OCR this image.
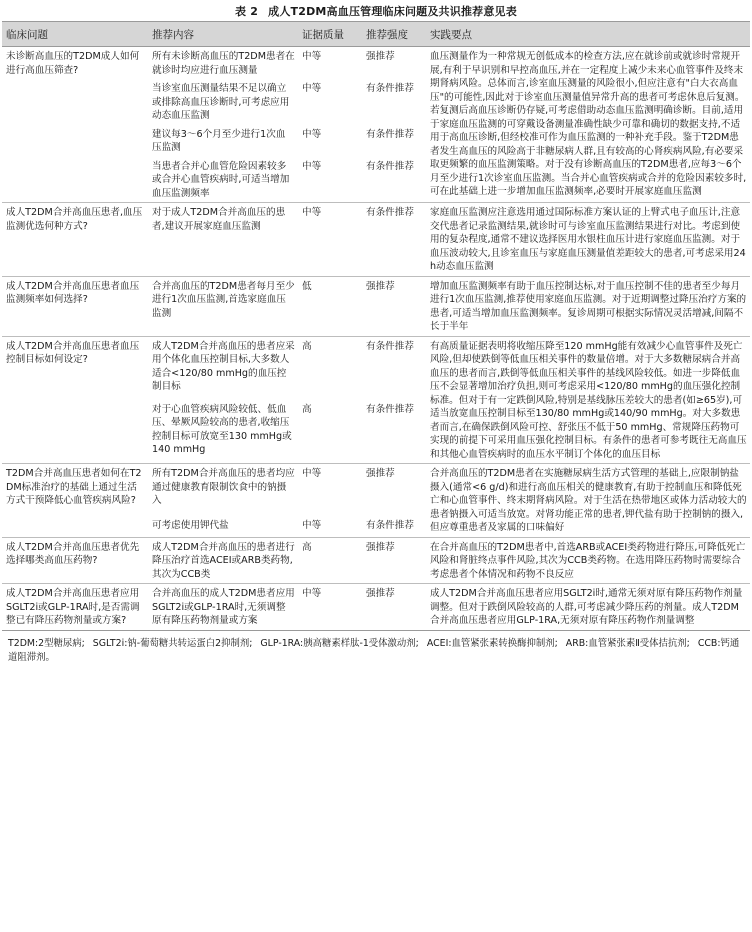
表 2 成人T2DM高血压管理临床问题及共识推荐意见表
临床问题	推荐内容	证据质量	推荐强度	实践要点
未诊断高血压的T2DM成人如何进行高血压筛查?	所有未诊断高血压的T2DM患者在就诊时均应进行血压测量	中等	强推荐	血压测量作为一种常规无创低成本的检查方法,应在就诊前或就诊时常规开展,有利于早识别和早控高血压,并在一定程度上减少未来心血管事件及终末期肾病风险。总体而言,诊室血压测量的风险很小,但应注意有"白大衣高血压"的可能性,因此对于诊室血压测量值异常升高的患者可考虑休息后复测。若复测后高血压诊断仍存疑,可考虑借助动态血压监测明确诊断。目前,适用于家庭血压监测的可穿戴设备测量准确性缺少可靠和确切的数据支持,不适用于高血压诊断,但经校准可作为血压监测的一种补充手段。鉴于T2DM患者发生高血压的风险高于非糖尿病人群,且有较高的心肾疾病风险,有必要采取更频繁的血压监测策略。对于没有诊断高血压的T2DM患者,应每3～6个月至少进行1次诊室血压监测。当合并心血管疾病或合并的危险因素较多时,可在此基础上进一步增加血压监测频率,必要时开展家庭血压监测
	当诊室血压测量结果不足以确立或排除高血压诊断时,可考虑应用动态血压监测	中等	有条件推荐	
	建议每3～6个月至少进行1次血压监测	中等	有条件推荐	
	当患者合并心血管危险因素较多或合并心血管疾病时,可适当增加血压监测频率	中等	有条件推荐	
成人T2DM合并高血压患者,血压监测优选何种方式?	对于成人T2DM合并高血压的患者,建议开展家庭血压监测	中等	有条件推荐	家庭血压监测应注意选用通过国际标准方案认证的上臂式电子血压计,注意交代患者记录监测结果,就诊时可与诊室血压监测结果进行对比。考虑到使用的复杂程度,通常不建议选择医用水银柱血压计进行家庭血压监测。对于血压波动较大,且诊室血压与家庭血压测量值差距较大的患者,可考虑采用24 h动态血压监测
成人T2DM合并高血压患者血压监测频率如何选择?	合并高血压的T2DM患者每月至少进行1次血压监测,首选家庭血压监测	低	强推荐	增加血压监测频率有助于血压控制达标,对于血压控制不佳的患者至少每月进行1次血压监测,推荐使用家庭血压监测。对于近期调整过降压治疗方案的患者,可适当增加血压监测频率。复诊周期可根据实际情况灵活增减,间隔不长于半年
成人T2DM合并高血压患者血压控制目标如何设定?	成人T2DM合并高血压的患者应采用个体化血压控制目标,大多数人适合<120/80 mmHg的血压控制目标	高	有条件推荐	有高质量证据表明将收缩压降至120 mmHg能有效减少心血管事件及死亡风险,但却使跌倒等低血压相关事件的数量倍增。对于大多数糖尿病合并高血压的患者而言,跌倒等低血压相关事件的基线风险较低。如进一步降低血压不会显著增加治疗负担,则可考虑采用<120/80 mmHg的血压强化控制标准。但对于有一定跌倒风险,特别是基线脉压差较大的患者(如≥65岁),可适当放宽血压控制目标至130/80 mmHg或140/90 mmHg。对大多数患者而言,在确保跌倒风险可控、舒张压不低于50 mmHg、常规降压药物可实现的前提下可采用血压强化控制目标。有条件的患者可参考既往无高血压和其他心血管疾病时的血压水平制订个体化的血压目标
	对于心血管疾病风险较低、低血压、晕厥风险较高的患者,收缩压控制目标可放宽至130 mmHg或140 mmHg	高	有条件推荐	
T2DM合并高血压患者如何在T2DM标准治疗的基础上通过生活方式干预降低心血管疾病风险?	所有T2DM合并高血压的患者均应通过健康教育限制饮食中的钠摄入	中等	强推荐	合并高血压的T2DM患者在实施糖尿病生活方式管理的基础上,应限制钠盐摄入(通常<6 g/d)和进行高血压相关的健康教育,有助于控制血压和降低死亡和心血管事件、终末期肾病风险。对于生活在热带地区或体力活动较大的患者钠摄入可适当放宽。对肾功能正常的患者,钾代盐有助于控制钠的摄入,但应尊重患者及家属的口味偏好
	可考虑使用钾代盐	中等	有条件推荐	
成人T2DM合并高血压患者优先选择哪类高血压药物?	成人T2DM合并高血压的患者进行降压治疗首选ACEI或ARB类药物,其次为CCB类	高	强推荐	在合并高血压的T2DM患者中,首选ARB或ACEI类药物进行降压,可降低死亡风险和肾脏终点事件风险,其次为CCB类药物。在选用降压药物时需要综合考虑患者个体情况和药物不良反应
成人T2DM合并高血压患者应用SGLT2i或GLP-1RA时,是否需调整已有降压药物剂量或方案?	合并高血压的成人T2DM患者应用SGLT2i或GLP-1RA时,无须调整原有降压药物剂量或方案	中等	强推荐	成人T2DM合并高血压患者应用SGLT2i时,通常无须对原有降压药物作剂量调整。但对于跌倒风险较高的人群,可考虑减少降压药的剂量。成人T2DM合并高血压患者应用GLP-1RA,无须对原有降压药物作剂量调整
T2DM:2型糖尿病; SGLT2i:钠-葡萄糖共转运蛋白2抑制剂; GLP-1RA:胰高糖素样肽-1受体激动剂; ACEI:血管紧张素转换酶抑制剂; ARB:血管紧张素Ⅱ受体拮抗剂; CCB:钙通道阻滞剂。
